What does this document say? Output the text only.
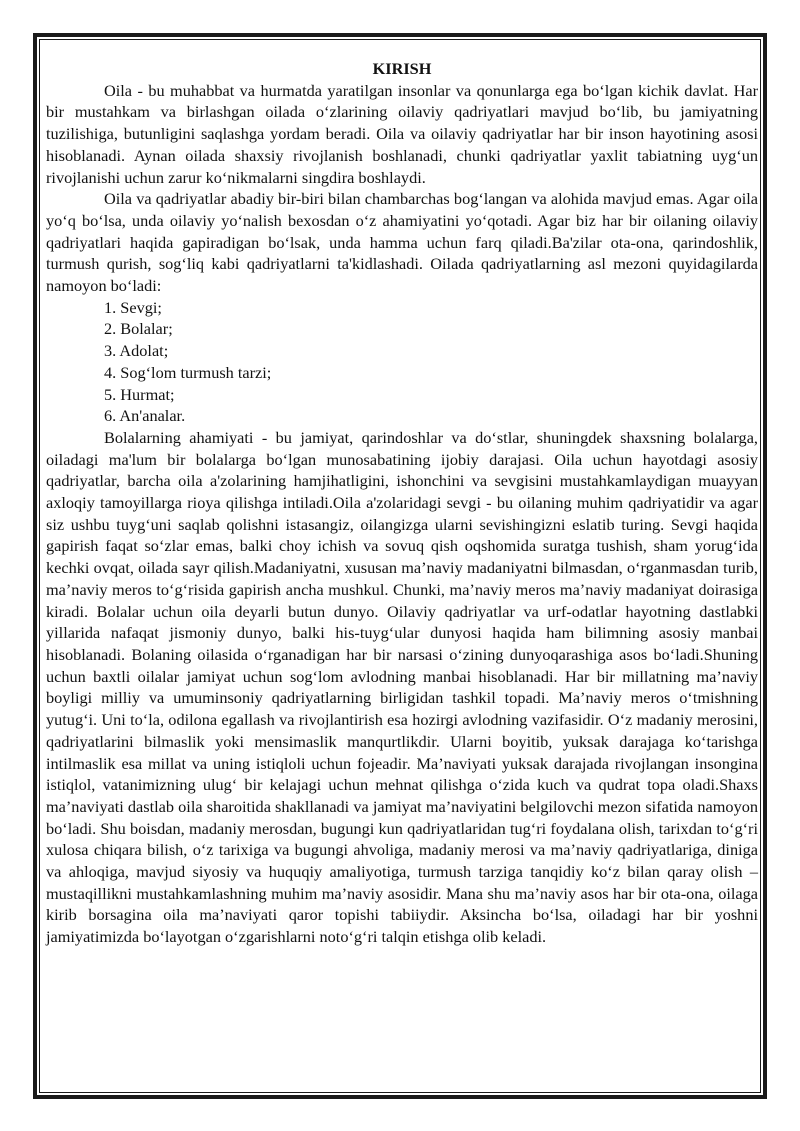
KIRISH

Oila - bu muhabbat va hurmatda yaratilgan insonlar va qonunlarga ega bo‘lgan kichik davlat. Har bir mustahkam va birlashgan oilada o‘zlarining oilaviy qadriyatlari mavjud bo‘lib, bu jamiyatning tuzilishiga, butunligini saqlashga yordam beradi. Oila va oilaviy qadriyatlar har bir inson hayotining asosi hisoblanadi. Aynan oilada shaxsiy rivojlanish boshlanadi, chunki qadriyatlar yaxlit tabiatning uyg‘un rivojlanishi uchun zarur ko‘nikmalarni singdira boshlaydi.

Oila va qadriyatlar abadiy bir-biri bilan chambarchas bog‘langan va alohida mavjud emas. Agar oila yo‘q bo‘lsa, unda oilaviy yo‘nalish bexosdan o‘z ahamiyatini yo‘qotadi. Agar biz har bir oilaning oilaviy qadriyatlari haqida gapiradigan bo‘lsak, unda hamma uchun farq qiladi.Ba'zilar ota-ona, qarindoshlik, turmush qurish, sog‘liq kabi qadriyatlarni ta'kidlashadi. Oilada qadriyatlarning asl mezoni quyidagilarda namoyon bo‘ladi:

1. Sevgi;
2. Bolalar;
3. Adolat;
4. Sog‘lom turmush tarzi;
5. Hurmat;
6. An'analar.

Bolalarning ahamiyati - bu jamiyat, qarindoshlar va do‘stlar, shuningdek shaxsning bolalarga, oiladagi ma'lum bir bolalarga bo‘lgan munosabatining ijobiy darajasi. Oila uchun hayotdagi asosiy qadriyatlar, barcha oila a'zolarining hamjihatligini, ishonchini va sevgisini mustahkamlaydigan muayyan axloqiy tamoyillarga rioya qilishga intiladi.Oila a'zolaridagi sevgi - bu oilaning muhim qadriyatidir va agar siz ushbu tuyg‘uni saqlab qolishni istasangiz, oilangizga ularni sevishingizni eslatib turing. Sevgi haqida gapirish faqat so‘zlar emas, balki choy ichish va sovuq qish oqshomida suratga tushish, sham yorug‘ida kechki ovqat, oilada sayr qilish.Madaniyatni, xususan ma’naviy madaniyatni bilmasdan, o‘rganmasdan turib, ma’naviy meros to‘g‘risida gapirish ancha mushkul. Chunki, ma’naviy meros ma’naviy madaniyat doirasiga kiradi. Bolalar uchun oila deyarli butun dunyo. Oilaviy qadriyatlar va urf-odatlar hayotning dastlabki yillarida nafaqat jismoniy dunyo, balki his-tuyg‘ular dunyosi haqida ham bilimning asosiy manbai hisoblanadi. Bolaning oilasida o‘rganadigan har bir narsasi o‘zining dunyoqarashiga asos bo‘ladi.Shuning uchun baxtli oilalar jamiyat uchun sog‘lom avlodning manbai hisoblanadi. Har bir millatning ma’naviy boyligi milliy va umuminsoniy qadriyatlarning birligidan tashkil topadi. Ma’naviy meros o‘tmishning yutug‘i. Uni to‘la, odilona egallash va rivojlantirish esa hozirgi avlodning vazifasidir. O‘z madaniy merosini, qadriyatlarini bilmaslik yoki mensimaslik manqurtlikdir. Ularni boyitib, yuksak darajaga ko‘tarishga intilmaslik esa millat va uning istiqloli uchun fojeadir. Ma’naviyati yuksak darajada rivojlangan insongina istiqlol, vatanimizning ulug‘ bir kelajagi uchun mehnat qilishga o‘zida kuch va qudrat topa oladi.Shaxs ma’naviyati dastlab oila sharoitida shakllanadi va jamiyat ma’naviyatini belgilovchi mezon sifatida namoyon bo‘ladi. Shu boisdan, madaniy merosdan, bugungi kun qadriyatlaridan tug‘ri foydalana olish, tarixdan to‘g‘ri xulosa chiqara bilish, o‘z tarixiga va bugungi ahvoliga, madaniy merosi va ma’naviy qadriyatlariga, diniga va ahloqiga, mavjud siyosiy va huquqiy amaliyotiga, turmush tarziga tanqidiy ko‘z bilan qaray olish – mustaqillikni mustahkamlashning muhim ma’naviy asosidir. Mana shu ma’naviy asos har bir ota-ona, oilaga kirib borsagina oila ma’naviyati qaror topishi tabiiydir. Aksincha bo‘lsa, oiladagi har bir yoshni jamiyatimizda bo‘layotgan o‘zgarishlarni noto‘g‘ri talqin etishga olib keladi.
